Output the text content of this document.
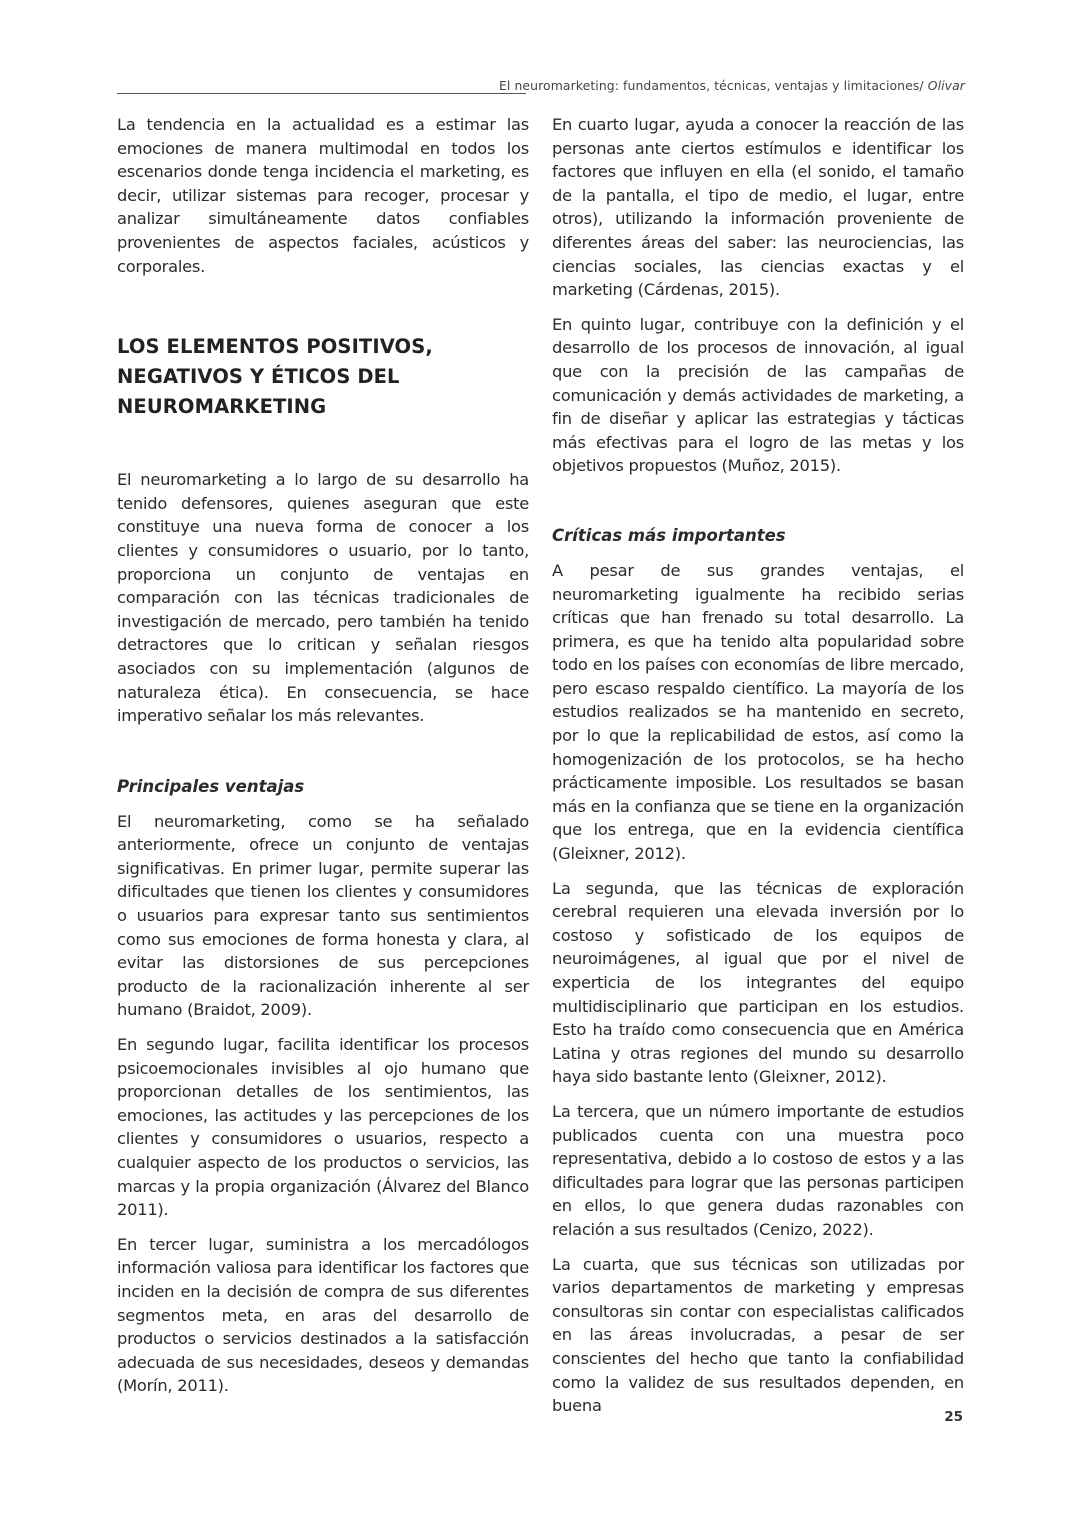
El neuromarketing: fundamentos, técnicas, ventajas y limitaciones/ Olivar

La tendencia en la actualidad es a estimar las emociones de manera multimodal en todos los escenarios donde tenga incidencia el marketing, es decir, utilizar sistemas para recoger, procesar y analizar simultáneamente datos confiables provenientes de aspectos faciales, acústicos y corporales.

LOS ELEMENTOS POSITIVOS, NEGATIVOS Y ÉTICOS DEL NEUROMARKETING

El neuromarketing a lo largo de su desarrollo ha tenido defensores, quienes aseguran que este constituye una nueva forma de conocer a los clientes y consumidores o usuario, por lo tanto, proporciona un conjunto de ventajas en comparación con las técnicas tradicionales de investigación de mercado, pero también ha tenido detractores que lo critican y señalan riesgos asociados con su implementación (algunos de naturaleza ética). En consecuencia, se hace imperativo señalar los más relevantes.

Principales ventajas

El neuromarketing, como se ha señalado anteriormente, ofrece un conjunto de ventajas significativas. En primer lugar, permite superar las dificultades que tienen los clientes y consumidores o usuarios para expresar tanto sus sentimientos como sus emociones de forma honesta y clara, al evitar las distorsiones de sus percepciones producto de la racionalización inherente al ser humano (Braidot, 2009).

En segundo lugar, facilita identificar los procesos psicoemocionales invisibles al ojo humano que proporcionan detalles de los sentimientos, las emociones, las actitudes y las percepciones de los clientes y consumidores o usuarios, respecto a cualquier aspecto de los productos o servicios, las marcas y la propia organización (Álvarez del Blanco 2011).

En tercer lugar, suministra a los mercadólogos información valiosa para identificar los factores que inciden en la decisión de compra de sus diferentes segmentos meta, en aras del desarrollo de productos o servicios destinados a la satisfacción adecuada de sus necesidades, deseos y demandas (Morín, 2011).

En cuarto lugar, ayuda a conocer la reacción de las personas ante ciertos estímulos e identificar los factores que influyen en ella (el sonido, el tamaño de la pantalla, el tipo de medio, el lugar, entre otros), utilizando la información proveniente de diferentes áreas del saber: las neurociencias, las ciencias sociales, las ciencias exactas y el marketing (Cárdenas, 2015).

En quinto lugar, contribuye con la definición y el desarrollo de los procesos de innovación, al igual que con la precisión de las campañas de comunicación y demás actividades de marketing, a fin de diseñar y aplicar las estrategias y tácticas más efectivas para el logro de las metas y los objetivos propuestos (Muñoz, 2015).

Críticas más importantes

A pesar de sus grandes ventajas, el neuromarketing igualmente ha recibido serias críticas que han frenado su total desarrollo. La primera, es que ha tenido alta popularidad sobre todo en los países con economías de libre mercado, pero escaso respaldo científico. La mayoría de los estudios realizados se ha mantenido en secreto, por lo que la replicabilidad de estos, así como la homogenización de los protocolos, se ha hecho prácticamente imposible. Los resultados se basan más en la confianza que se tiene en la organización que los entrega, que en la evidencia científica (Gleixner, 2012).

La segunda, que las técnicas de exploración cerebral requieren una elevada inversión por lo costoso y sofisticado de los equipos de neuroimágenes, al igual que por el nivel de experticia de los integrantes del equipo multidisciplinario que participan en los estudios. Esto ha traído como consecuencia que en América Latina y otras regiones del mundo su desarrollo haya sido bastante lento (Gleixner, 2012).

La tercera, que un número importante de estudios publicados cuenta con una muestra poco representativa, debido a lo costoso de estos y a las dificultades para lograr que las personas participen en ellos, lo que genera dudas razonables con relación a sus resultados (Cenizo, 2022).

La cuarta, que sus técnicas son utilizadas por varios departamentos de marketing y empresas consultoras sin contar con especialistas calificados en las áreas involucradas, a pesar de ser conscientes del hecho que tanto la confiabilidad como la validez de sus resultados dependen, en buena

25
